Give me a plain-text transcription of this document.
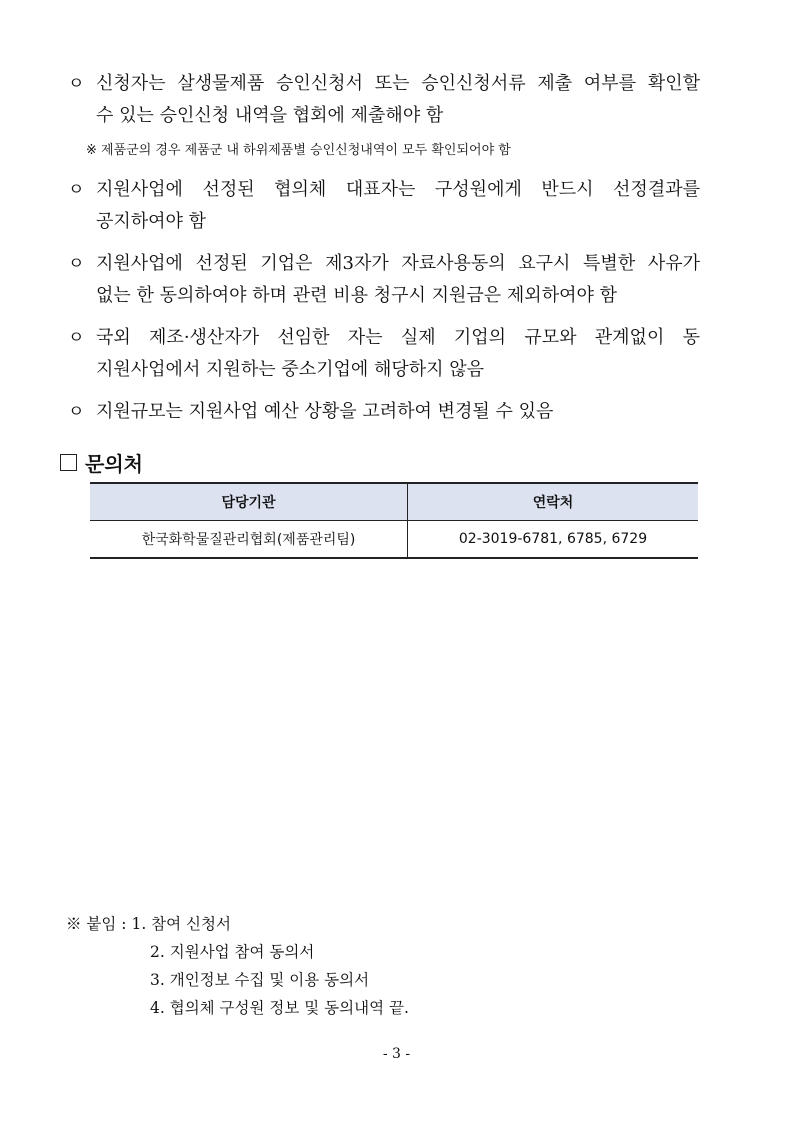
ㅇ 신청자는 살생물제품 승인신청서 또는 승인신청서류 제출 여부를 확인할
수 있는 승인신청 내역을 협회에 제출해야 함
※ 제품군의 경우 제품군 내 하위제품별 승인신청내역이 모두 확인되어야 함
ㅇ 지원사업에 선정된 협의체 대표자는 구성원에게 반드시 선정결과를
공지하여야 함
ㅇ 지원사업에 선정된 기업은 제3자가 자료사용동의 요구시 특별한 사유가
없는 한 동의하여야 하며 관련 비용 청구시 지원금은 제외하여야 함
ㅇ 국외 제조·생산자가 선임한 자는 실제 기업의 규모와 관계없이 동
지원사업에서 지원하는 중소기업에 해당하지 않음
ㅇ 지원규모는 지원사업 예산 상황을 고려하여 변경될 수 있음
문의처
담당기관	연락처
한국화학물질관리협회(제품관리팀)	02-3019-6781, 6785, 6729
※ 붙임 : 1. 참여 신청서
2. 지원사업 참여 동의서
3. 개인정보 수집 및 이용 동의서
4. 협의체 구성원 정보 및 동의내역 끝.
- 3 -
